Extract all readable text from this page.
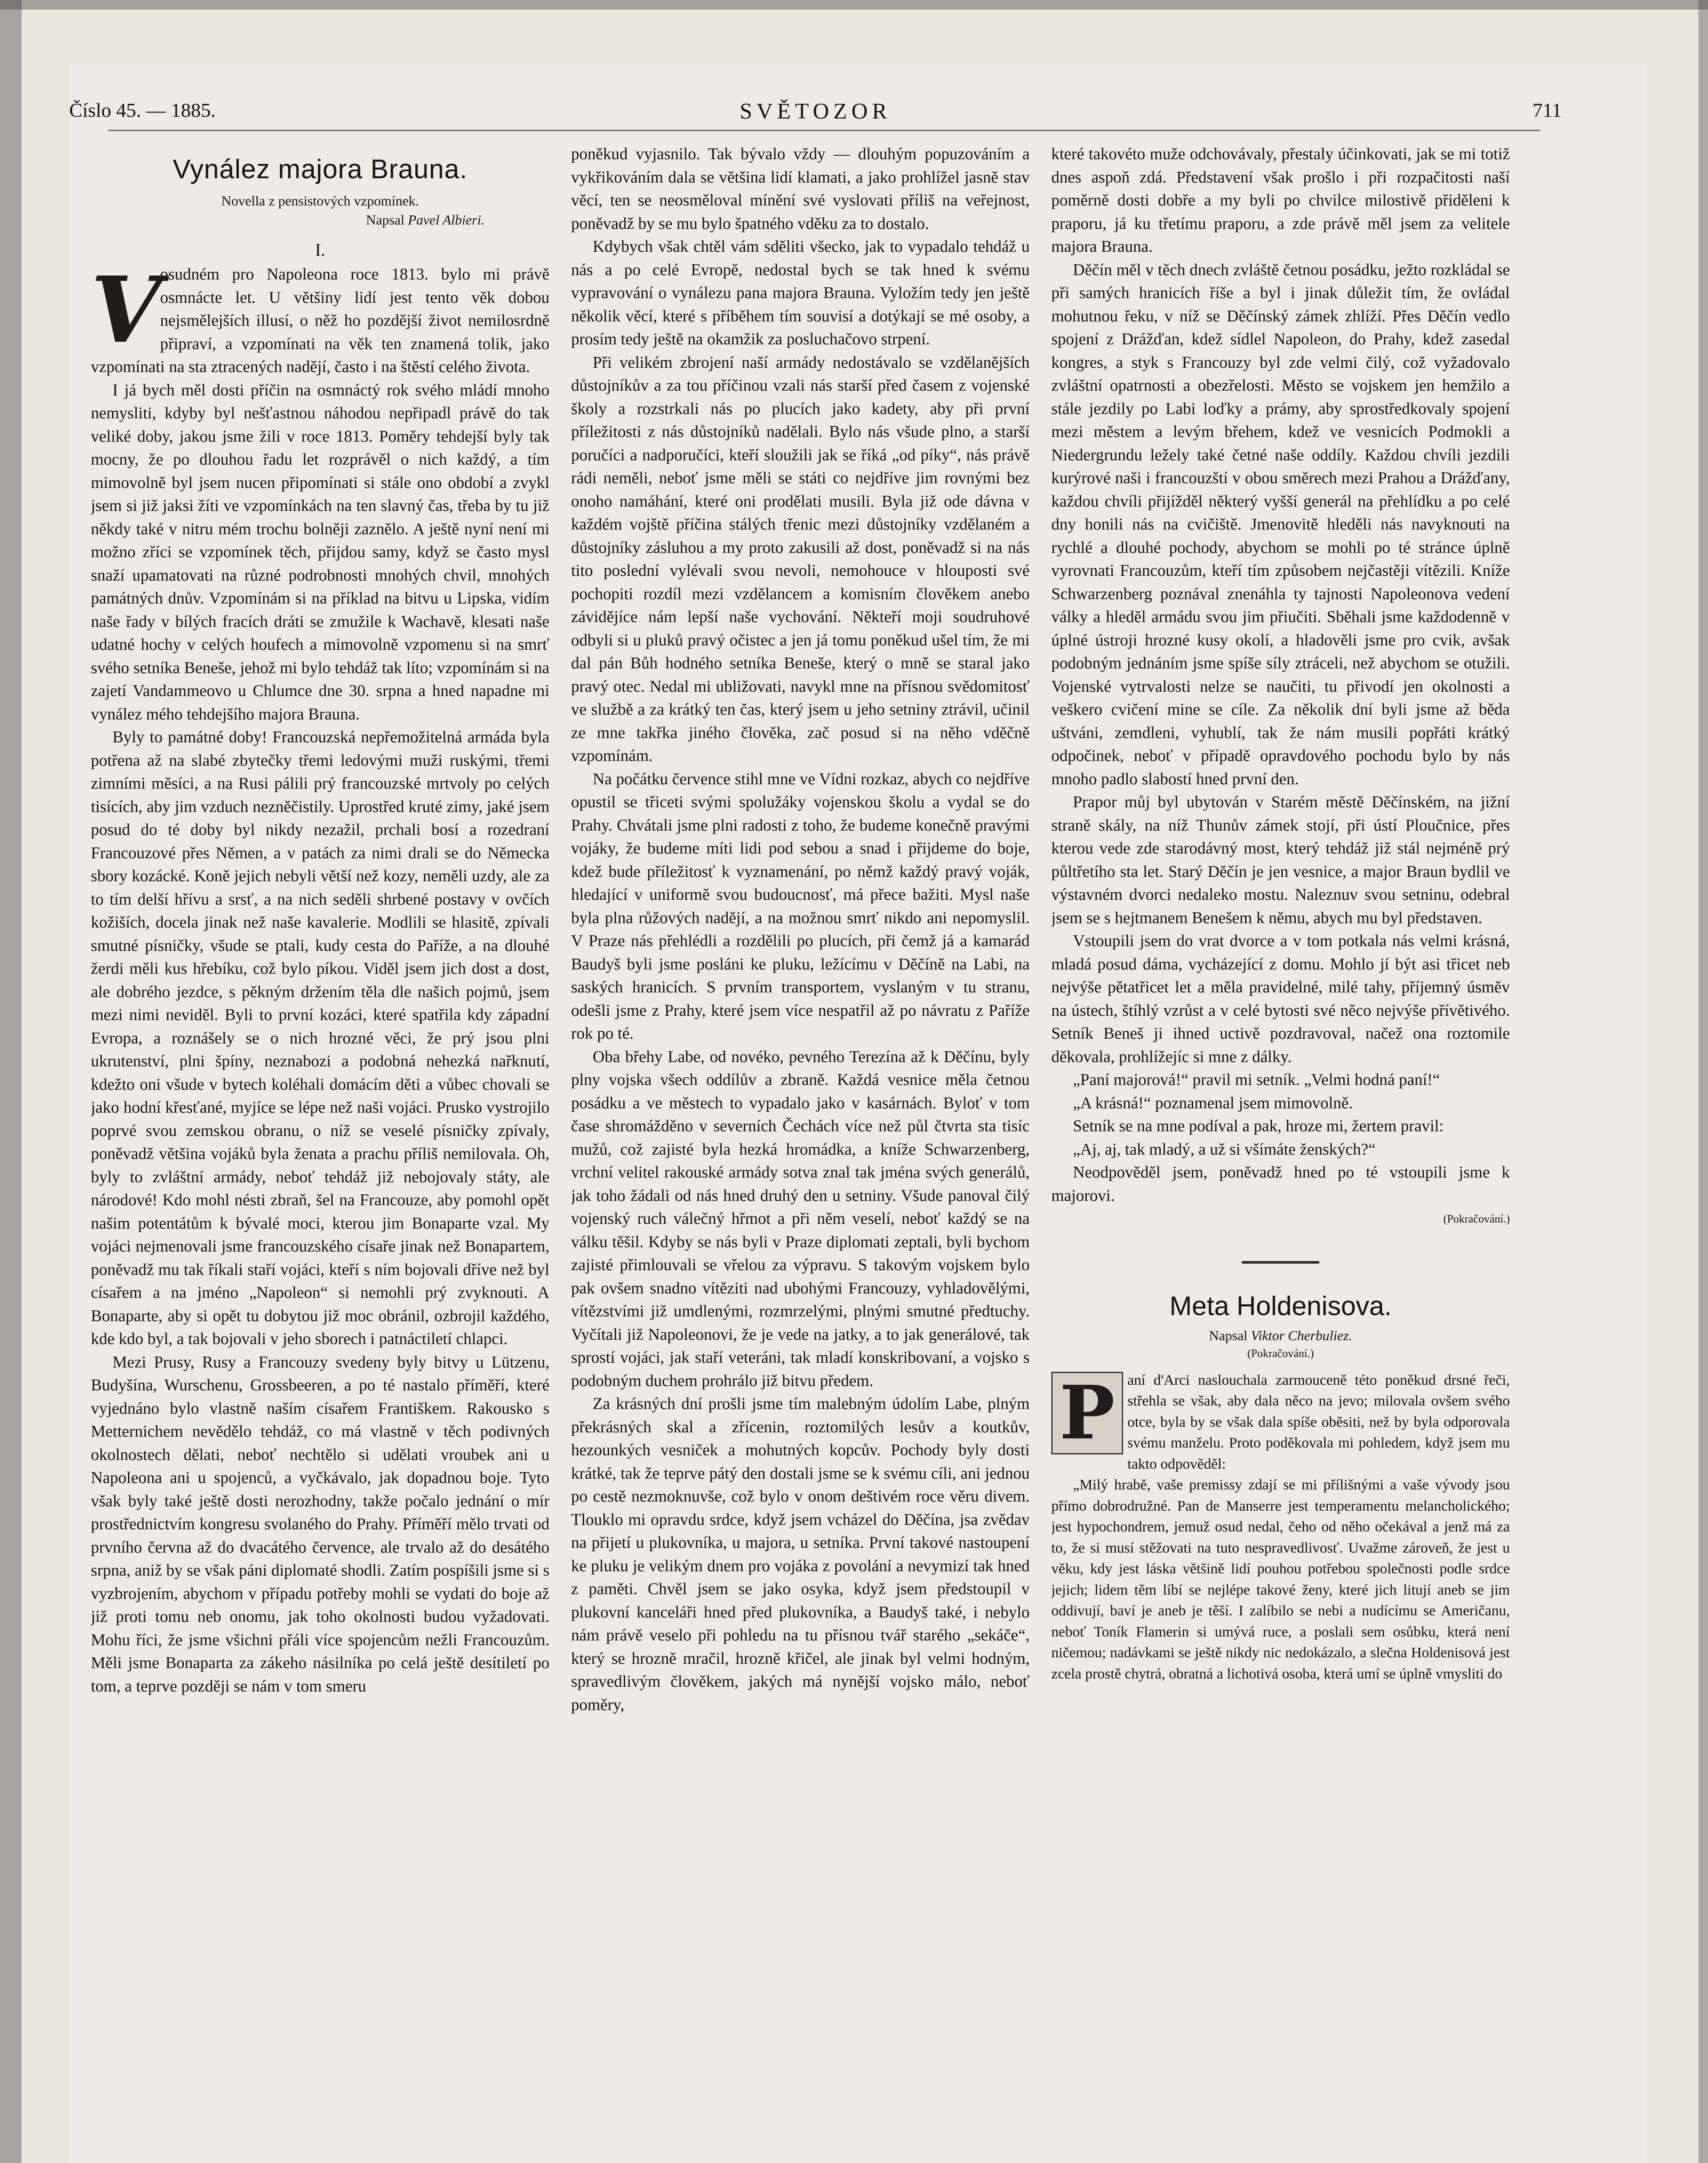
Číslo 45. — 1885.	SVĚTOZOR	711
Vynález majora Brauna.
Novella z pensistových vzpomínek.
Napsal Pavel Albieri.
I.

V
osudném pro Napoleona roce 1813. bylo mi právě osmnácte let. U většiny lidí jest tento věk dobou nejsmělejších illusí, o něž ho pozdější život nemilosrdně připraví, a vzpomínati na věk ten znamená tolik, jako vzpomínati na sta ztracených nadějí, často i na štěstí celého života.

I já bych měl dosti příčin na osmnáctý rok svého mládí mnoho nemysliti, kdyby byl nešťastnou náhodou nepřipadl právě do tak veliké doby, jakou jsme žili v roce 1813. Poměry tehdejší byly tak mocny, že po dlouhou řadu let rozprávěl o nich každý, a tím mimovolně byl jsem nucen připomínati si stále ono období a zvykl jsem si již jaksi žíti ve vzpomínkách na ten slavný čas, třeba by tu již někdy také v nitru mém trochu bolněji zaznělo. A ještě nyní není mi možno zříci se vzpomínek těch, přijdou samy, když se často mysl snaží upamatovati na různé podrobnosti mnohých chvil, mnohých památných dnův. Vzpomínám si na příklad na bitvu u Lipska, vidím naše řady v bílých fracích dráti se zmužile k Wachavě, klesati naše udatné hochy v celých houfech a mimovolně vzpomenu si na smrť svého setníka Beneše, jehož mi bylo tehdáž tak líto; vzpomínám si na zajetí Vandammeovo u Chlumce dne 30. srpna a hned napadne mi vynález mého tehdejšího majora Brauna.

Byly to památné doby! Francouzská nepřemožitelná armáda byla potřena až na slabé zbytečky třemi ledovými muži ruskými, třemi zimními měsíci, a na Rusi pálili prý francouzské mrtvoly po celých tisících, aby jim vzduch nezněčistily. Uprostřed kruté zimy, jaké jsem posud do té doby byl nikdy nezažil, prchali bosí a rozedraní Francouzové přes Němen, a v patách za nimi drali se do Německa sbory kozácké. Koně jejich nebyli větší než kozy, neměli uzdy, ale za to tím delší hřívu a srsť, a na nich seděli shrbené postavy v ovčích kožiších, docela jinak než naše kavalerie. Modlili se hlasitě, zpívali smutné písničky, všude se ptali, kudy cesta do Paříže, a na dlouhé žerdi měli kus hřebíku, což bylo píkou. Viděl jsem jich dost a dost, ale dobrého jezdce, s pěkným držením těla dle našich pojmů, jsem mezi nimi neviděl. Byli to první kozáci, které spatřila kdy západní Evropa, a roznášely se o nich hrozné věci, že prý jsou plni ukrutenství, plni špíny, neznabozi a podobná nehezká nařknutí, kdežto oni všude v bytech koléhali domácím děti a vůbec chovali se jako hodní křesťané, myjíce se lépe než naši vojáci. Prusko vystrojilo poprvé svou zemskou obranu, o níž se veselé písničky zpívaly, poněvadž většina vojáků byla ženata a prachu příliš nemilovala. Oh, byly to zvláštní armády, neboť tehdáž již nebojovaly státy, ale národové! Kdo mohl nésti zbraň, šel na Francouze, aby pomohl opět našim potentátům k bývalé moci, kterou jim Bonaparte vzal. My vojáci nejmenovali jsme francouzského císaře jinak než Bonapartem, poněvadž mu tak říkali staří vojáci, kteří s ním bojovali dříve než byl císařem a na jméno „Napoleon“ si nemohli prý zvyknouti. A Bonaparte, aby si opět tu dobytou již moc obránil, ozbrojil každého, kde kdo byl, a tak bojovali v jeho sborech i patnáctiletí chlapci.

Mezi Prusy, Rusy a Francouzy svedeny byly bitvy u Lützenu, Budyšína, Wurschenu, Grossbeeren, a po té nastalo příměří, které vyjednáno bylo vlastně naším císařem Františkem. Rakousko s Metternichem nevědělo tehdáž, co má vlastně v těch podivných okolnostech dělati, neboť nechtělo si udělati vroubek ani u Napoleona ani u spojenců, a vyčkávalo, jak dopadnou boje. Tyto však byly také ještě dosti nerozhodny, takže počalo jednání o mír prostřednictvím kongresu svolaného do Prahy. Příměří mělo trvati od prvního června až do dvacátého července, ale trvalo až do desátého srpna, aniž by se však páni diplomaté shodli. Zatím pospíšili jsme si s vyzbrojením, abychom v případu potřeby mohli se vydati do boje až již proti tomu neb onomu, jak toho okolnosti budou vyžadovati. Mohu říci, že jsme všichni přáli více spojencům nežli Francouzům. Měli jsme Bonaparta za zákeho násilníka po celá ještě desítiletí po tom, a teprve později se nám v tom smeru

poněkud vyjasnilo. Tak bývalo vždy — dlouhým popuzováním a vykřikováním dala se většina lidí klamati, a jako prohlížel jasně stav věcí, ten se neosměloval mínění své vyslovati příliš na veřejnost, poněvadž by se mu bylo špatného vděku za to dostalo.

Kdybych však chtěl vám sděliti všecko, jak to vypadalo tehdáž u nás a po celé Evropě, nedostal bych se tak hned k svému vypravování o vynálezu pana majora Brauna. Vyložím tedy jen ještě několik věcí, které s příběhem tím souvisí a dotýkají se mé osoby, a prosím tedy ještě na okamžik za posluchačovo strpení.

Při velikém zbrojení naší armády nedostávalo se vzdělanějších důstojníkův a za tou příčinou vzali nás starší před časem z vojenské školy a rozstrkali nás po plucích jako kadety, aby při první příležitosti z nás důstojníků nadělali. Bylo nás všude plno, a starší poručíci a nadporučíci, kteří sloužili jak se říká „od píky“, nás právě rádi neměli, neboť jsme měli se státi co nejdříve jim rovnými bez onoho namáhání, které oni prodělati musili. Byla již ode dávna v každém vojště příčina stálých třenic mezi důstojníky vzdělaném a důstojníky zásluhou a my proto zakusili až dost, poněvadž si na nás tito poslední vylévali svou nevoli, nemohouce v hlouposti své pochopiti rozdíl mezi vzdělancem a komisním člověkem anebo závidějíce nám lepší naše vychování. Někteří moji soudruhové odbyli si u pluků pravý očistec a jen já tomu poněkud ušel tím, že mi dal pán Bůh hodného setníka Beneše, který o mně se staral jako pravý otec. Nedal mi ubližovati, navykl mne na přísnou svědomitosť ve službě a za krátký ten čas, který jsem u jeho setniny ztrávil, učinil ze mne takřka jiného člověka, zač posud si na něho vděčně vzpomínám.

Na počátku července stihl mne ve Vídni rozkaz, abych co nejdříve opustil se třiceti svými spolužáky vojenskou školu a vydal se do Prahy. Chvátali jsme plni radosti z toho, že budeme konečně pravými vojáky, že budeme míti lidi pod sebou a snad i přijdeme do boje, kdež bude příležitosť k vyznamenání, po němž každý pravý voják, hledající v uniformě svou budoucnosť, má přece bažiti. Mysl naše byla plna růžových nadějí, a na možnou smrť nikdo ani nepomyslil. V Praze nás přehlédli a rozdělili po plucích, při čemž já a kamarád Baudyš byli jsme posláni ke pluku, ležícímu v Děčíně na Labi, na saských hranicích. S prvním transportem, vyslaným v tu stranu, odešli jsme z Prahy, které jsem více nespatřil až po návratu z Paříže rok po té.

Oba břehy Labe, od novéko, pevného Terezína až k Děčínu, byly plny vojska všech oddílův a zbraně. Každá vesnice měla četnou posádku a ve městech to vypadalo jako v kasárnách. Byloť v tom čase shromážděno v severních Čechách více než půl čtvrta sta tisíc mužů, což zajisté byla hezká hromádka, a kníže Schwarzenberg, vrchní velitel rakouské armády sotva znal tak jména svých generálů, jak toho žádali od nás hned druhý den u setniny. Všude panoval čilý vojenský ruch válečný hřmot a při něm veselí, neboť každý se na válku těšil. Kdyby se nás byli v Praze diplomati zeptali, byli bychom zajisté přimlouvali se vřelou za výpravu. S takovým vojskem bylo pak ovšem snadno vítěziti nad ubohými Francouzy, vyhladovělými, vítězstvími již umdlenými, rozmrzelými, plnými smutné předtuchy. Vyčítali již Napoleonovi, že je vede na jatky, a to jak generálové, tak sprostí vojáci, jak staří veteráni, tak mladí konskribovaní, a vojsko s podobným duchem prohrálo již bitvu předem.

Za krásných dní prošli jsme tím malebným údolím Labe, plným překrásných skal a zřícenin, roztomilých lesův a koutkův, hezounkých vesniček a mohutných kopcův. Pochody byly dosti krátké, tak že teprve pátý den dostali jsme se k svému cíli, ani jednou po cestě nezmoknuvše, což bylo v onom deštivém roce věru divem. Tlouklo mi opravdu srdce, když jsem vcházel do Děčína, jsa zvědav na přijetí u plukovníka, u majora, u setníka. První takové nastoupení ke pluku je velikým dnem pro vojáka z povolání a nevymizí tak hned z paměti. Chvěl jsem se jako osyka, když jsem předstoupil v plukovní kanceláři hned před plukovníka, a Baudyš také, i nebylo nám právě veselo při pohledu na tu přísnou tvář starého „sekáče“, který se hrozně mračil, hrozně křičel, ale jinak byl velmi hodným, spravedlivým člověkem, jakých má nynější vojsko málo, neboť poměry,

které takovéto muže odchovávaly, přestaly účinkovati, jak se mi totiž dnes aspoň zdá. Představení však prošlo i při rozpačitosti naší poměrně dosti dobře a my byli po chvilce milostivě přiděleni k praporu, já ku třetímu praporu, a zde právě měl jsem za velitele majora Brauna.

Děčín měl v těch dnech zvláště četnou posádku, ježto rozkládal se při samých hranicích říše a byl i jinak důležit tím, že ovládal mohutnou řeku, v níž se Děčínský zámek zhlíží. Přes Děčín vedlo spojení z Drážďan, kdež sídlel Napoleon, do Prahy, kdež zasedal kongres, a styk s Francouzy byl zde velmi čilý, což vyžadovalo zvláštní opatrnosti a obezřelosti. Město se vojskem jen hemžilo a stále jezdily po Labi loďky a prámy, aby sprostředkovaly spojení mezi městem a levým břehem, kdež ve vesnicích Podmokli a Niedergrundu ležely také četné naše oddíly. Každou chvíli jezdili kurýrové naši i francouzští v obou směrech mezi Prahou a Drážďany, každou chvíli přijížděl některý vyšší generál na přehlídku a po celé dny honili nás na cvičiště. Jmenovitě hleděli nás navyknouti na rychlé a dlouhé pochody, abychom se mohli po té stránce úplně vyrovnati Francouzům, kteří tím způsobem nejčastěji vítězili. Kníže Schwarzenberg poznával znenáhla ty tajnosti Napoleonova vedení války a hleděl armádu svou jim přiučiti. Sběhali jsme každodenně v úplné ústroji hrozné kusy okolí, a hladověli jsme pro cvik, avšak podobným jednáním jsme spíše síly ztráceli, než abychom se otužili. Vojenské vytrvalosti nelze se naučiti, tu přivodí jen okolnosti a veškero cvičení mine se cíle. Za několik dní byli jsme až běda uštváni, zemdleni, vyhublí, tak že nám musili popřáti krátký odpočinek, neboť v případě opravdového pochodu bylo by nás mnoho padlo slabostí hned první den.

Prapor můj byl ubytován v Starém městě Děčínském, na jižní straně skály, na níž Thunův zámek stojí, při ústí Ploučnice, přes kterou vede zde starodávný most, který tehdáž již stál nejméně prý půltřetího sta let. Starý Děčín je jen vesnice, a major Braun bydlil ve výstavném dvorci nedaleko mostu. Naleznuv svou setninu, odebral jsem se s hejtmanem Benešem k němu, abych mu byl představen.

Vstoupili jsem do vrat dvorce a v tom potkala nás velmi krásná, mladá posud dáma, vycházející z domu. Mohlo jí být asi třicet neb nejvýše pětatřicet let a měla pravidelné, milé tahy, příjemný úsměv na ústech, štíhlý vzrůst a v celé bytosti své něco nejvýše přívětivého. Setník Beneš ji ihned uctivě pozdravoval, načež ona roztomile děkovala, prohlížejíc si mne z dálky.

„Paní majorová!“ pravil mi setník. „Velmi hodná paní!“

„A krásná!“ poznamenal jsem mimovolně.

Setník se na mne podíval a pak, hroze mi, žertem pravil:

„Aj, aj, tak mladý, a už si všímáte ženských?“

Neodpověděl jsem, poněvadž hned po té vstoupili jsme k majorovi.

(Pokračování.)
Meta Holdenisova.
Napsal Viktor Cherbuliez.
(Pokračování.)

P aní d'Arci naslouchala zarmouceně této poněkud drsné řeči, střehla se však, aby dala něco na jevo; milovala ovšem svého otce, byla by se však dala spíše oběsiti, než by byla odporovala svému manželu. Proto poděkovala mi pohledem, když jsem mu takto odpověděl:

„Milý hrabě, vaše premissy zdají se mi přílišnými a vaše vývody jsou přímo dobrodružné. Pan de Manserre jest temperamentu melancholického; jest hypochondrem, jemuž osud nedal, čeho od něho očekával a jenž má za to, že si musí stěžovati na tuto nespravedlivosť. Uvažme zároveň, že jest u věku, kdy jest láska většině lidí pouhou potřebou společnosti podle srdce jejich; lidem těm líbí se nejlépe takové ženy, které jich litují aneb se jim oddivují, baví je aneb je těší. I zalíbilo se nebi a nudícímu se Američanu, neboť Toník Flamerin si umývá ruce, a poslali sem osůbku, která není ničemou; nadávkami se ještě nikdy nic nedokázalo, a slečna Holdenisová jest zcela prostě chytrá, obratná a lichotivá osoba, která umí se úplně vmysliti do
